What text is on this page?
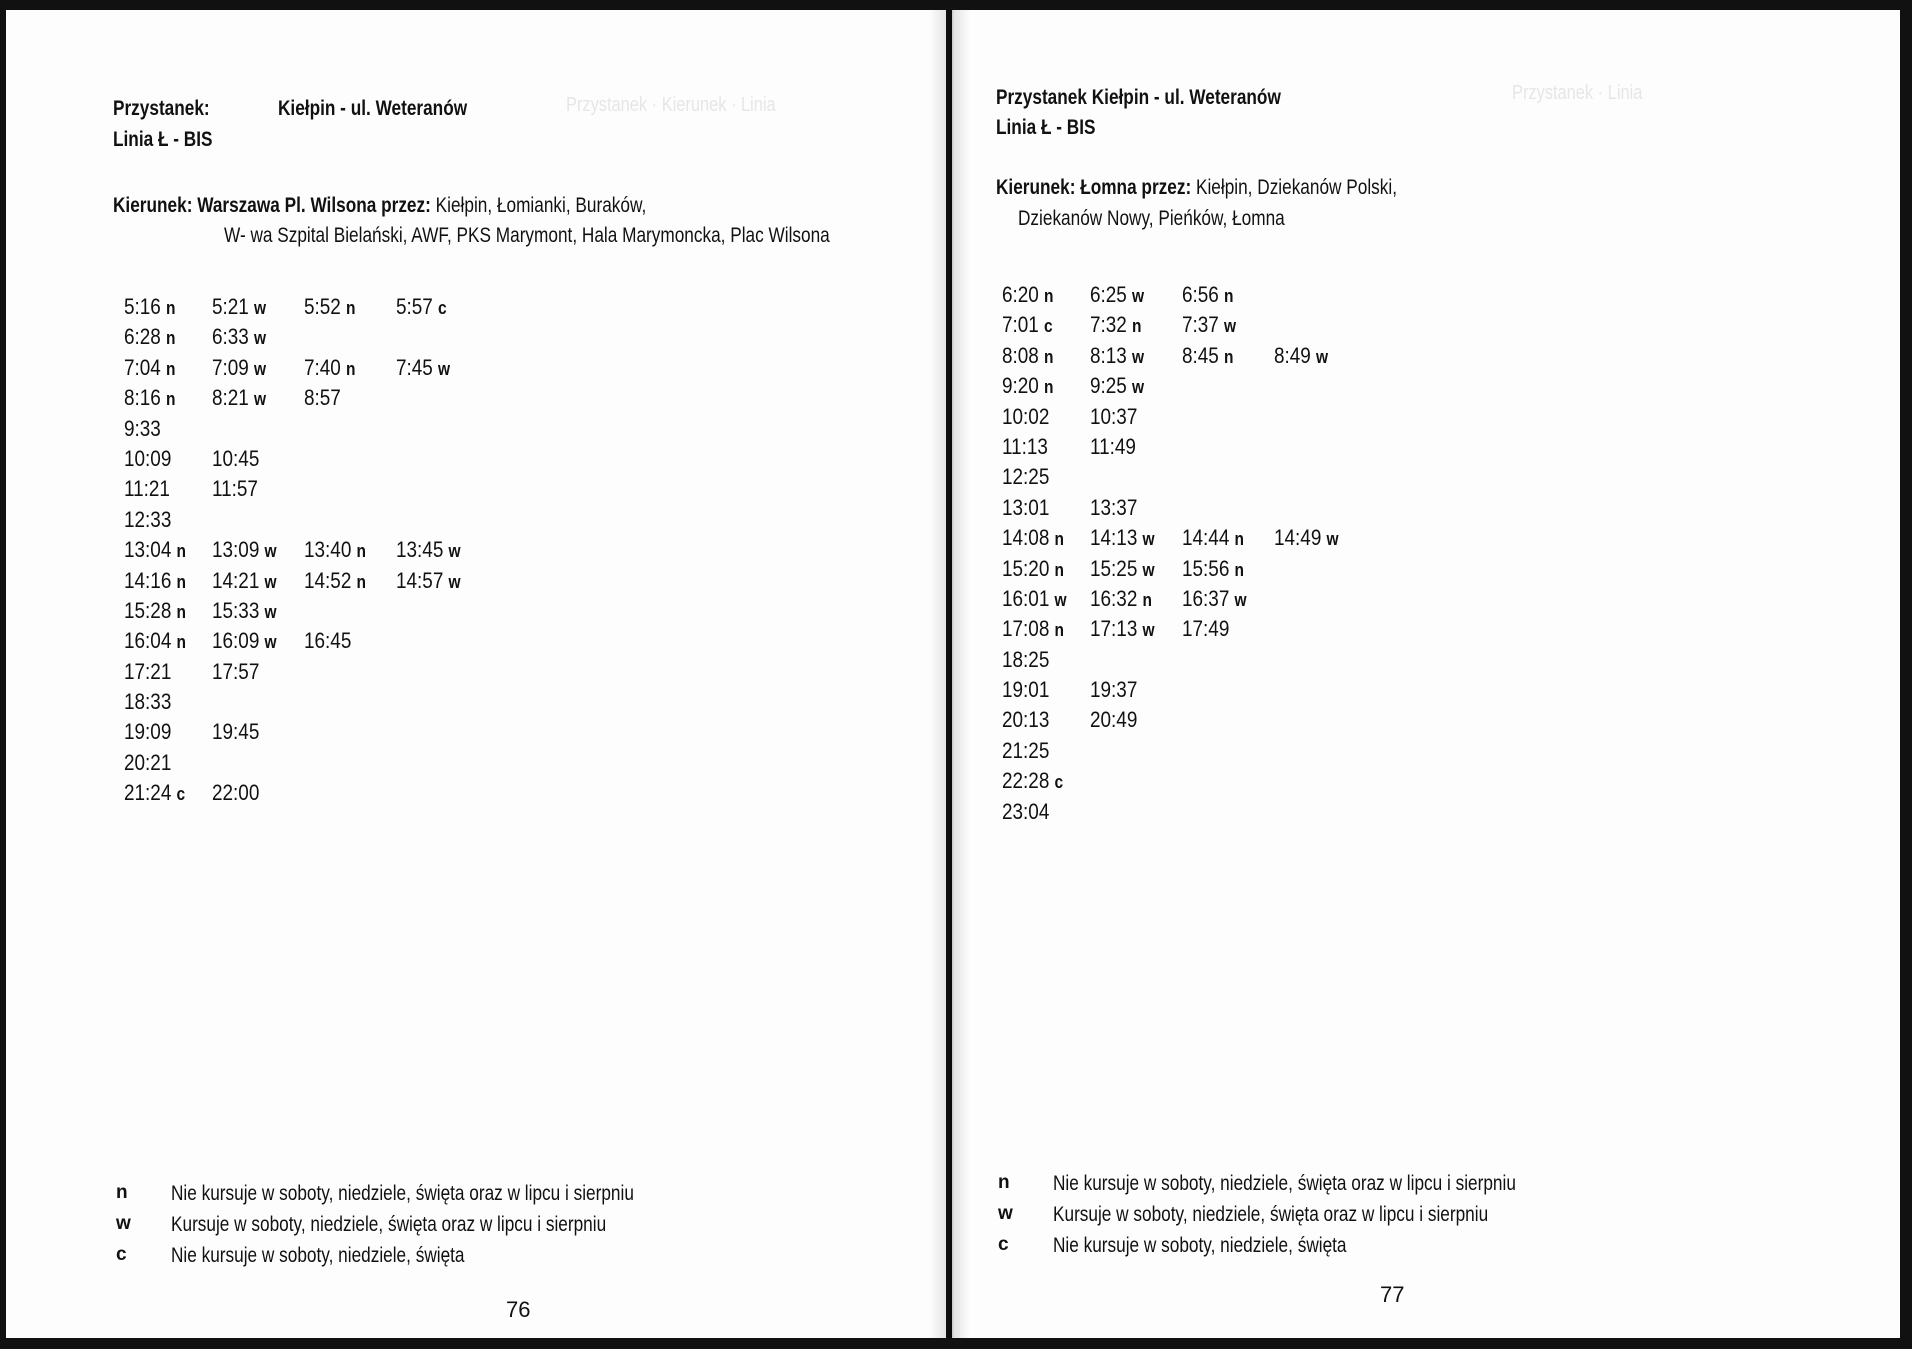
Przystanek · Kierunek · Linia
Przystanek:	Kiełpin - ul. Weteranów
Linia Ł - BIS
Kierunek: Warszawa Pl. Wilsona przez: Kiełpin, Łomianki, Buraków,
W- wa Szpital Bielański, AWF, PKS Marymont, Hala Marymoncka, Plac Wilsona
5:16 n 5:21 w 5:52 n 5:57 c
6:28 n 6:33 w
7:04 n 7:09 w 7:40 n 7:45 w
8:16 n 8:21 w 8:57
9:33
10:09 10:45
11:21 11:57
12:33
13:04 n 13:09 w 13:40 n 13:45 w
14:16 n 14:21 w 14:52 n 14:57 w
15:28 n 15:33 w
16:04 n 16:09 w 16:45
17:21 17:57
18:33
19:09 19:45
20:21
21:24 c 22:00
n Nie kursuje w soboty, niedziele, święta oraz w lipcu i sierpniu
w Kursuje w soboty, niedziele, święta oraz w lipcu i sierpniu
c Nie kursuje w soboty, niedziele, święta
76
Przystanek · Linia
Przystanek Kiełpin - ul. Weteranów
Linia Ł - BIS
Kierunek: Łomna przez: Kiełpin, Dziekanów Polski,
Dziekanów Nowy, Pieńków, Łomna
6:20 n 6:25 w 6:56 n
7:01 c 7:32 n 7:37 w
8:08 n 8:13 w 8:45 n 8:49 w
9:20 n 9:25 w
10:02 10:37
11:13 11:49
12:25
13:01 13:37
14:08 n 14:13 w 14:44 n 14:49 w
15:20 n 15:25 w 15:56 n
16:01 w 16:32 n 16:37 w
17:08 n 17:13 w 17:49
18:25
19:01 19:37
20:13 20:49
21:25
22:28 c
23:04
n Nie kursuje w soboty, niedziele, święta oraz w lipcu i sierpniu
w Kursuje w soboty, niedziele, święta oraz w lipcu i sierpniu
c Nie kursuje w soboty, niedziele, święta
77
